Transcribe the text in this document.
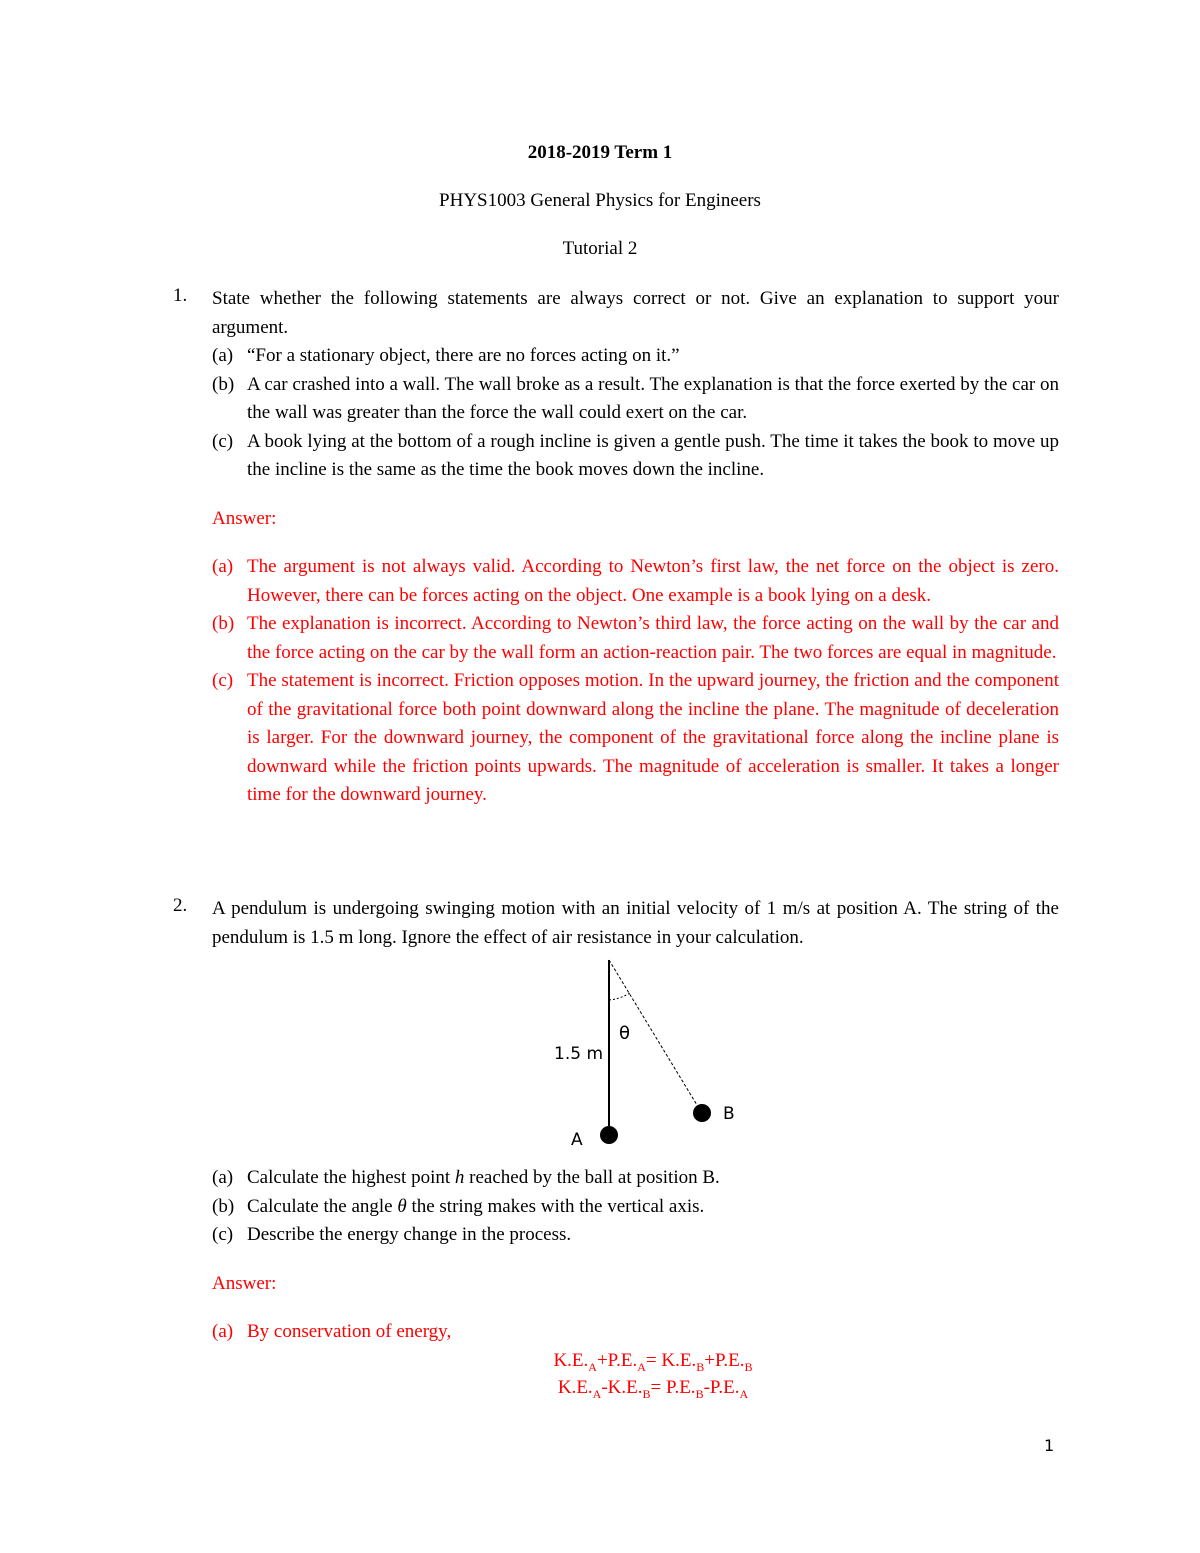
2018-2019 Term 1
PHYS1003 General Physics for Engineers
Tutorial 2
1. State whether the following statements are always correct or not. Give an explanation to support your argument.
(a) “For a stationary object, there are no forces acting on it.”
(b) A car crashed into a wall. The wall broke as a result. The explanation is that the force exerted by the car on the wall was greater than the force the wall could exert on the car.
(c) A book lying at the bottom of a rough incline is given a gentle push. The time it takes the book to move up the incline is the same as the time the book moves down the incline.
Answer:
(a) The argument is not always valid. According to Newton’s first law, the net force on the object is zero. However, there can be forces acting on the object. One example is a book lying on a desk.
(b) The explanation is incorrect. According to Newton’s third law, the force acting on the wall by the car and the force acting on the car by the wall form an action-reaction pair. The two forces are equal in magnitude.
(c) The statement is incorrect. Friction opposes motion. In the upward journey, the friction and the component of the gravitational force both point downward along the incline the plane. The magnitude of deceleration is larger. For the downward journey, the component of the gravitational force along the incline plane is downward while the friction points upwards. The magnitude of acceleration is smaller. It takes a longer time for the downward journey.
2. A pendulum is undergoing swinging motion with an initial velocity of 1 m/s at position A. The string of the pendulum is 1.5 m long. Ignore the effect of air resistance in your calculation.
θ
1.5 m
B
A
(a) Calculate the highest point h reached by the ball at position B.
(b) Calculate the angle θ the string makes with the vertical axis.
(c) Describe the energy change in the process.
Answer:
(a) By conservation of energy,
$K.E._A+P.E._A= K.E._B+P.E._B$
$K.E._A-K.E._B= P.E._B-P.E._A$
1
